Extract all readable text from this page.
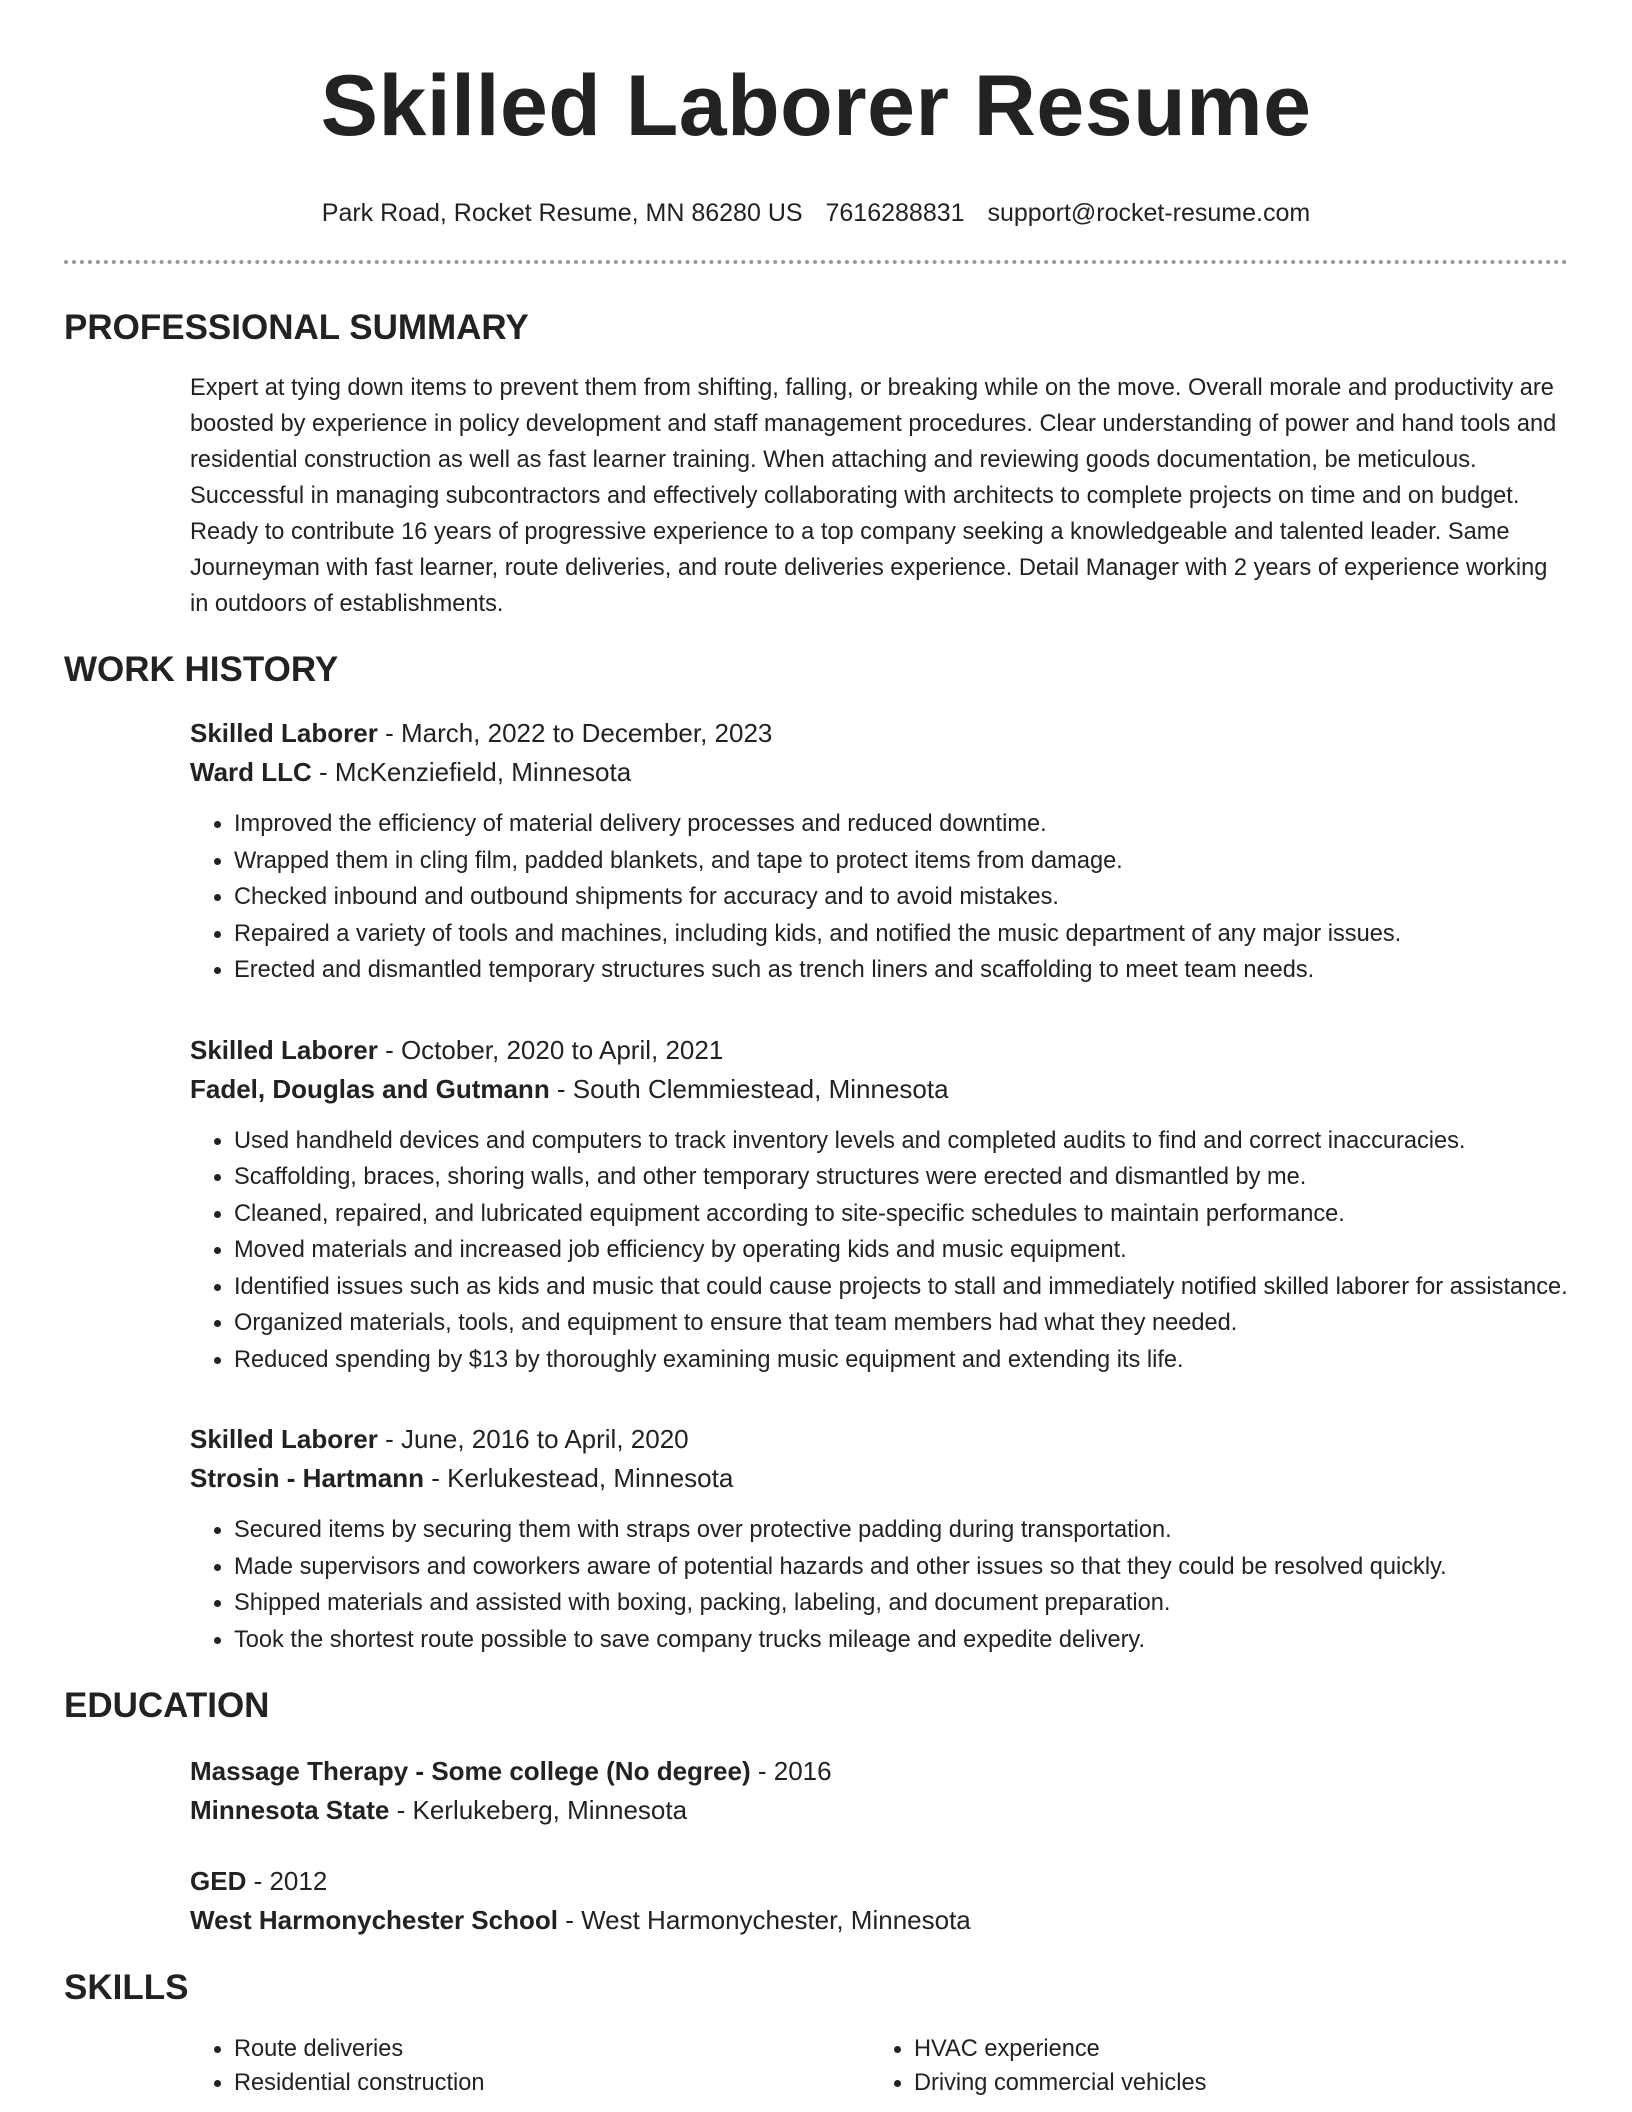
Skilled Laborer Resume
Park Road, Rocket Resume, MN 86280 US 7616288831 support@rocket-resume.com
PROFESSIONAL SUMMARY
Expert at tying down items to prevent them from shifting, falling, or breaking while on the move. Overall morale and productivity are boosted by experience in policy development and staff management procedures. Clear understanding of power and hand tools and residential construction as well as fast learner training. When attaching and reviewing goods documentation, be meticulous. Successful in managing subcontractors and effectively collaborating with architects to complete projects on time and on budget. Ready to contribute 16 years of progressive experience to a top company seeking a knowledgeable and talented leader. Same Journeyman with fast learner, route deliveries, and route deliveries experience. Detail Manager with 2 years of experience working in outdoors of establishments.
WORK HISTORY
Skilled Laborer - March, 2022 to December, 2023
Ward LLC - McKenziefield, Minnesota
• Improved the efficiency of material delivery processes and reduced downtime.
• Wrapped them in cling film, padded blankets, and tape to protect items from damage.
• Checked inbound and outbound shipments for accuracy and to avoid mistakes.
• Repaired a variety of tools and machines, including kids, and notified the music department of any major issues.
• Erected and dismantled temporary structures such as trench liners and scaffolding to meet team needs.
Skilled Laborer - October, 2020 to April, 2021
Fadel, Douglas and Gutmann - South Clemmiestead, Minnesota
• Used handheld devices and computers to track inventory levels and completed audits to find and correct inaccuracies.
• Scaffolding, braces, shoring walls, and other temporary structures were erected and dismantled by me.
• Cleaned, repaired, and lubricated equipment according to site-specific schedules to maintain performance.
• Moved materials and increased job efficiency by operating kids and music equipment.
• Identified issues such as kids and music that could cause projects to stall and immediately notified skilled laborer for assistance.
• Organized materials, tools, and equipment to ensure that team members had what they needed.
• Reduced spending by $13 by thoroughly examining music equipment and extending its life.
Skilled Laborer - June, 2016 to April, 2020
Strosin - Hartmann - Kerlukestead, Minnesota
• Secured items by securing them with straps over protective padding during transportation.
• Made supervisors and coworkers aware of potential hazards and other issues so that they could be resolved quickly.
• Shipped materials and assisted with boxing, packing, labeling, and document preparation.
• Took the shortest route possible to save company trucks mileage and expedite delivery.
EDUCATION
Massage Therapy - Some college (No degree) - 2016
Minnesota State - Kerlukeberg, Minnesota
GED - 2012
West Harmonychester School - West Harmonychester, Minnesota
SKILLS
• Route deliveries
• Residential construction
• HVAC experience
• Driving commercial vehicles
